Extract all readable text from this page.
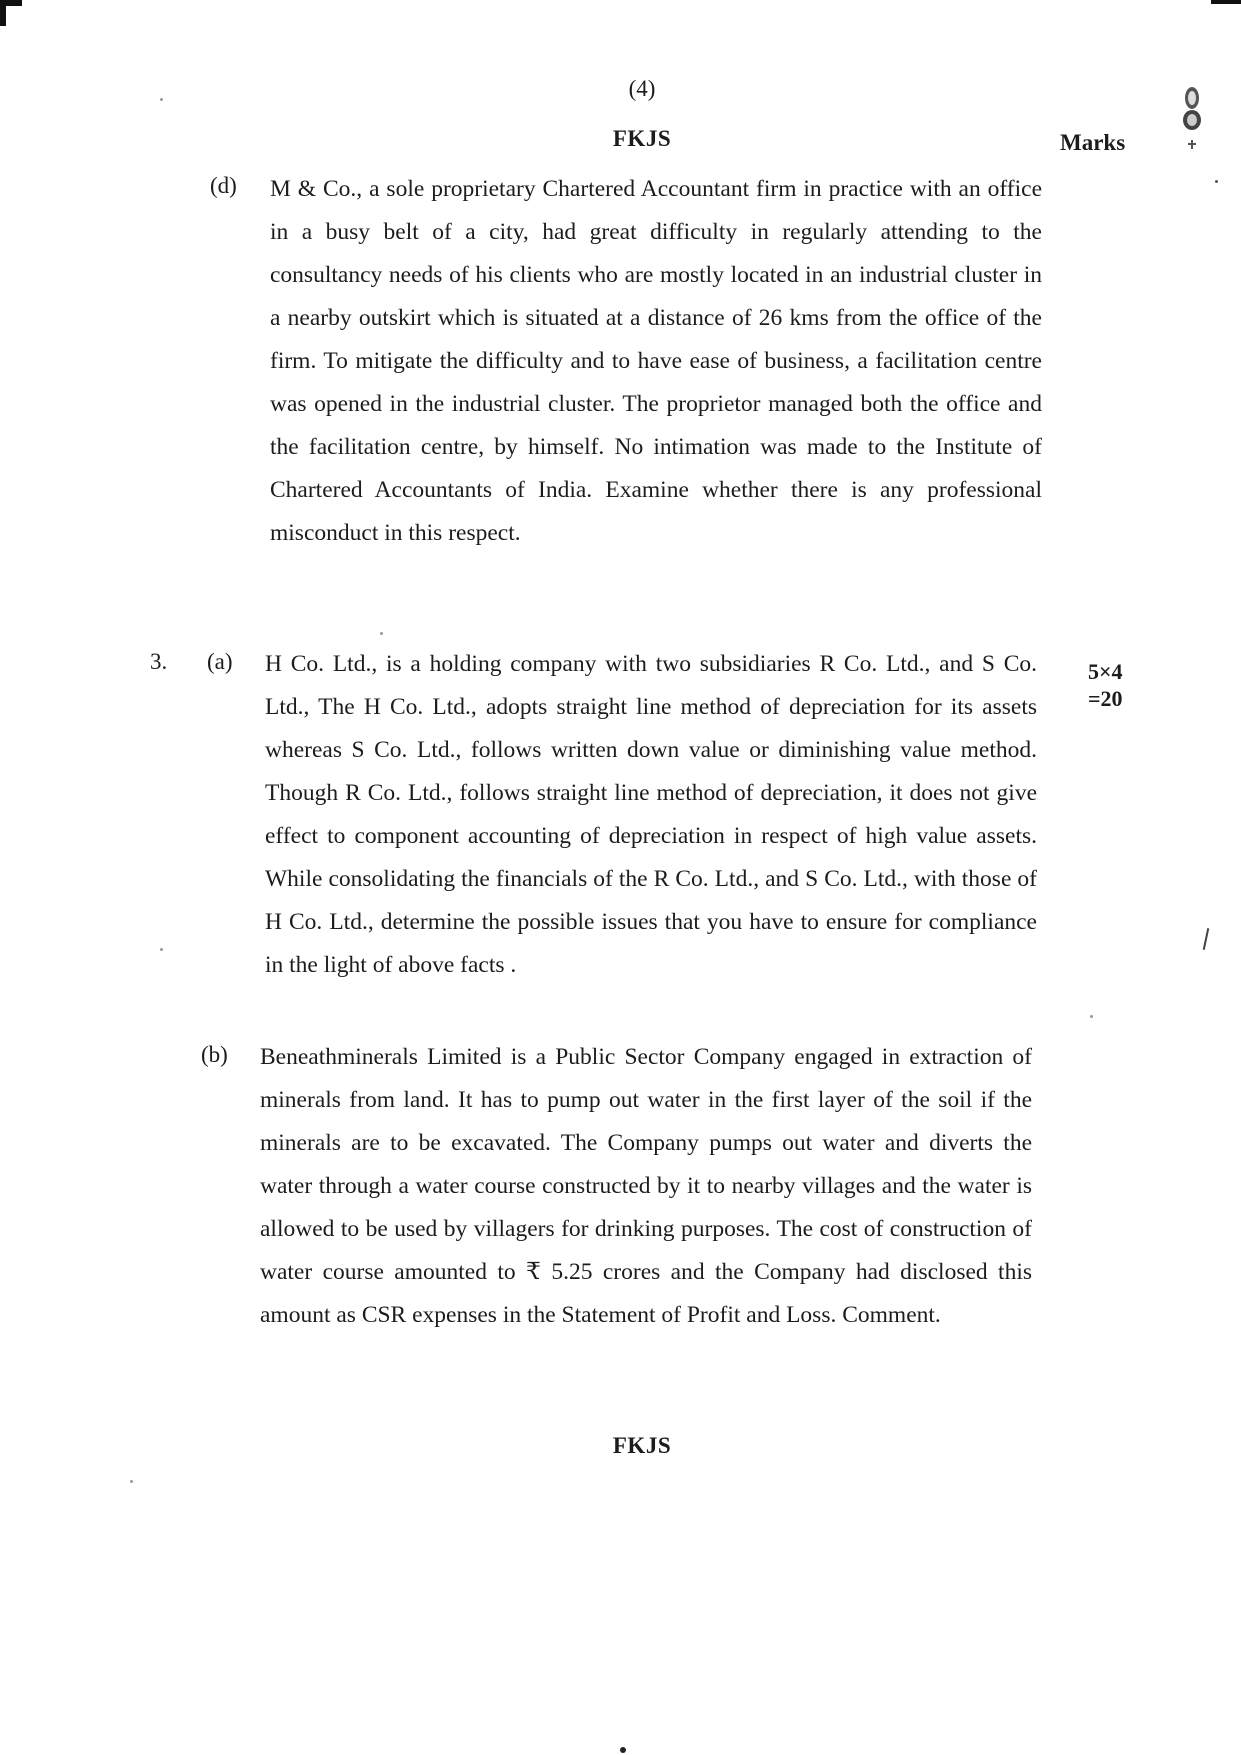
(4)
FKJS	Marks
(d) M & Co., a sole proprietary Chartered Accountant firm in practice with an office in a busy belt of a city, had great difficulty in regularly attending to the consultancy needs of his clients who are mostly located in an industrial cluster in a nearby outskirt which is situated at a distance of 26 kms from the office of the firm. To mitigate the difficulty and to have ease of business, a facilitation centre was opened in the industrial cluster. The proprietor managed both the office and the facilitation centre, by himself. No intimation was made to the Institute of Chartered Accountants of India. Examine whether there is any professional misconduct in this respect.

3. (a) H Co. Ltd., is a holding company with two subsidiaries R Co. Ltd., and S Co. Ltd., The H Co. Ltd., adopts straight line method of depreciation for its assets whereas S Co. Ltd., follows written down value or diminishing value method. Though R Co. Ltd., follows straight line method of depreciation, it does not give effect to component accounting of depreciation in respect of high value assets. While consolidating the financials of the R Co. Ltd., and S Co. Ltd., with those of H Co. Ltd., determine the possible issues that you have to ensure for compliance in the light of above facts .

5×4
=20
(b) Beneathminerals Limited is a Public Sector Company engaged in extraction of minerals from land. It has to pump out water in the first layer of the soil if the minerals are to be excavated. The Company pumps out water and diverts the water through a water course constructed by it to nearby villages and the water is allowed to be used by villagers for drinking purposes. The cost of construction of water course amounted to ₹ 5.25 crores and the Company had disclosed this amount as CSR expenses in the Statement of Profit and Loss. Comment.

FKJS
